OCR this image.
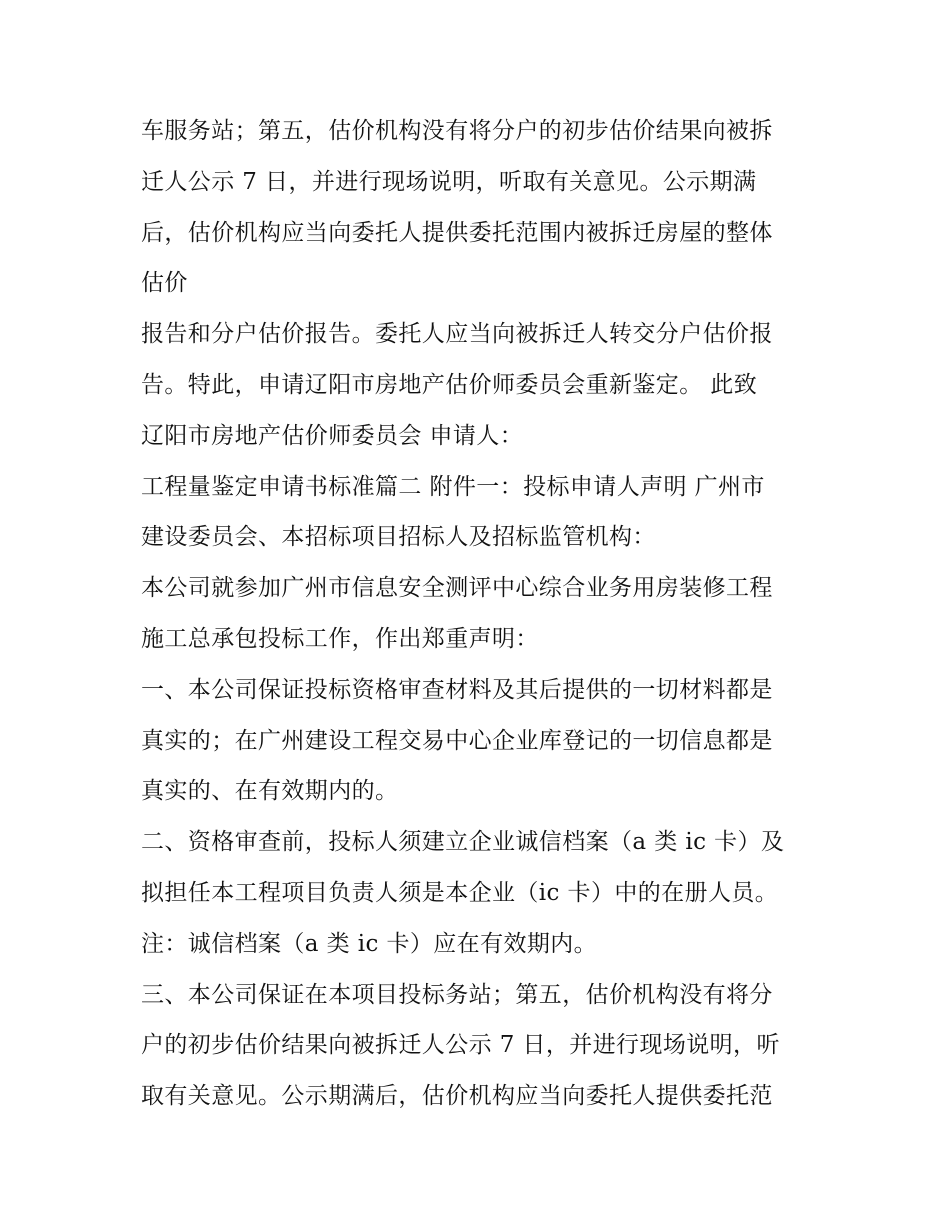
车服务站；第五，估价机构没有将分户的初步估价结果向被拆
迁人公示 7 日，并进行现场说明，听取有关意见。公示期满
后，估价机构应当向委托人提供委托范围内被拆迁房屋的整体
估价
报告和分户估价报告。委托人应当向被拆迁人转交分户估价报
告。特此，申请辽阳市房地产估价师委员会重新鉴定。 此致
辽阳市房地产估价师委员会 申请人：
工程量鉴定申请书标准篇二 附件一：投标申请人声明 广州市
建设委员会、本招标项目招标人及招标监管机构：
本公司就参加广州市信息安全测评中心综合业务用房装修工程
施工总承包投标工作，作出郑重声明：
一、本公司保证投标资格审查材料及其后提供的一切材料都是
真实的；在广州建设工程交易中心企业库登记的一切信息都是
真实的、在有效期内的。
二、资格审查前，投标人须建立企业诚信档案（a 类 ic 卡）及
拟担任本工程项目负责人须是本企业（ic 卡）中的在册人员。
注：诚信档案（a 类 ic 卡）应在有效期内。
三、本公司保证在本项目投标务站；第五，估价机构没有将分
户的初步估价结果向被拆迁人公示 7 日，并进行现场说明，听
取有关意见。公示期满后，估价机构应当向委托人提供委托范
